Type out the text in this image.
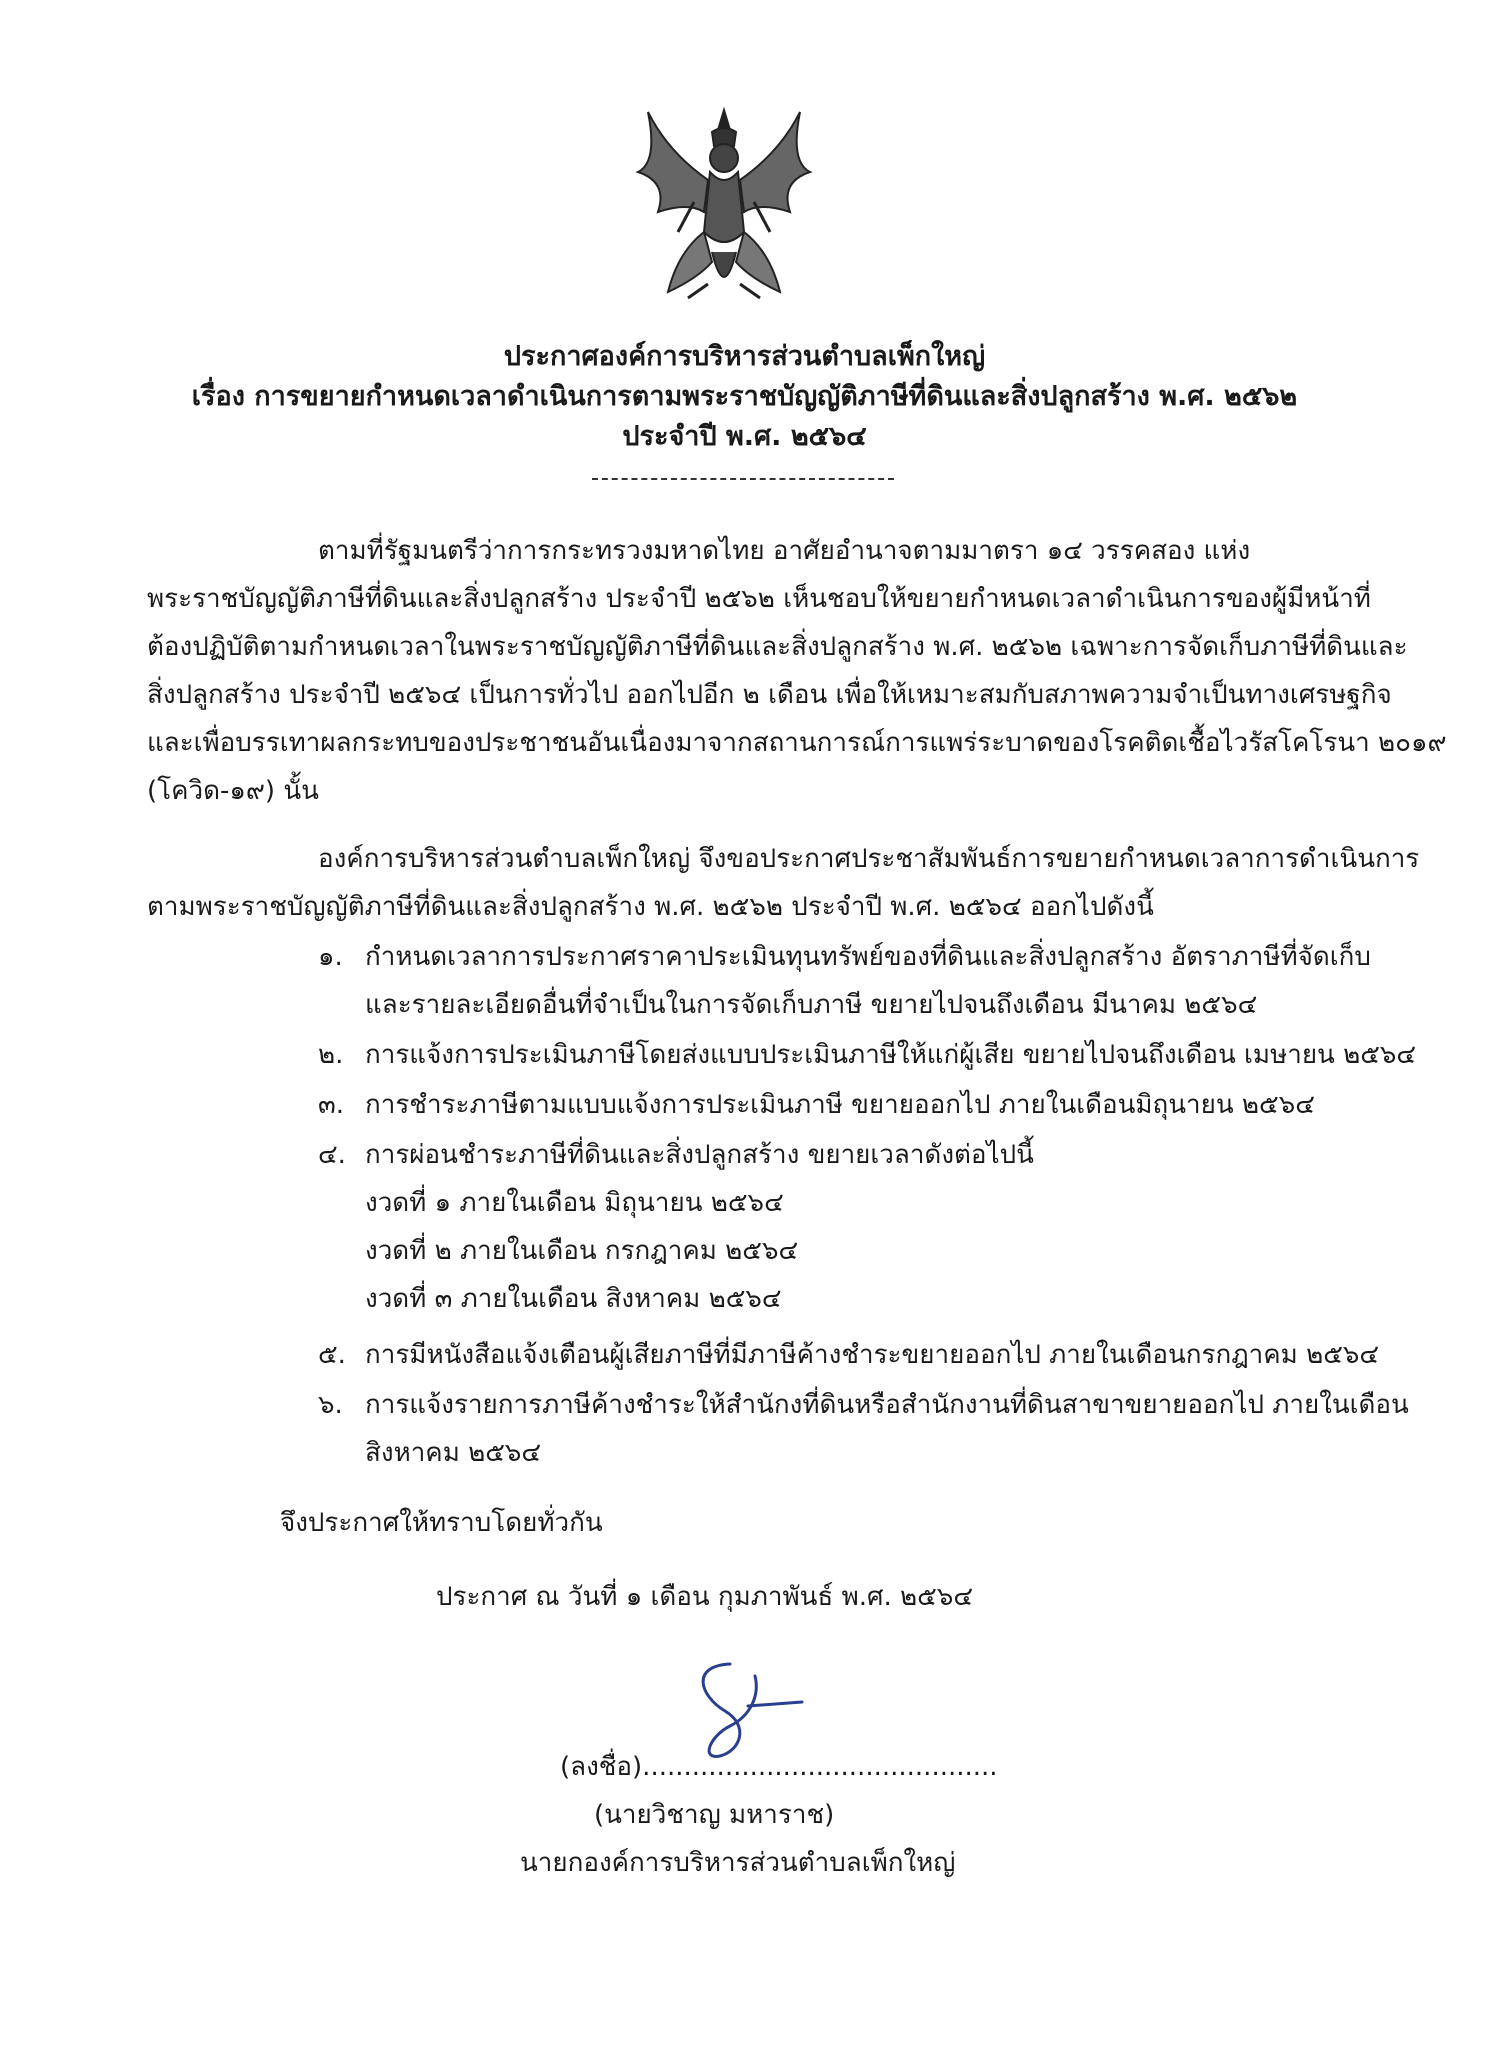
ประกาศองค์การบริหารส่วนตำบลเพ็กใหญ่
เรื่อง การขยายกำหนดเวลาดำเนินการตามพระราชบัญญัติภาษีที่ดินและสิ่งปลูกสร้าง พ.ศ. ๒๕๖๒
ประจำปี พ.ศ. ๒๕๖๔
ตามที่รัฐมนตรีว่าการกระทรวงมหาดไทย อาศัยอำนาจตามมาตรา ๑๔ วรรคสอง แห่ง
พระราชบัญญัติภาษีที่ดินและสิ่งปลูกสร้าง ประจำปี ๒๕๖๒ เห็นชอบให้ขยายกำหนดเวลาดำเนินการของผู้มีหน้าที่
ต้องปฏิบัติตามกำหนดเวลาในพระราชบัญญัติภาษีที่ดินและสิ่งปลูกสร้าง พ.ศ. ๒๕๖๒ เฉพาะการจัดเก็บภาษีที่ดินและ
สิ่งปลูกสร้าง ประจำปี ๒๕๖๔ เป็นการทั่วไป ออกไปอีก ๒ เดือน เพื่อให้เหมาะสมกับสภาพความจำเป็นทางเศรษฐกิจ
และเพื่อบรรเทาผลกระทบของประชาชนอันเนื่องมาจากสถานการณ์การแพร่ระบาดของโรคติดเชื้อไวรัสโคโรนา ๒๐๑๙
(โควิด-๑๙) นั้น
องค์การบริหารส่วนตำบลเพ็กใหญ่ จึงขอประกาศประชาสัมพันธ์การขยายกำหนดเวลาการดำเนินการ
ตามพระราชบัญญัติภาษีที่ดินและสิ่งปลูกสร้าง พ.ศ. ๒๕๖๒ ประจำปี พ.ศ. ๒๕๖๔ ออกไปดังนี้
๑. กำหนดเวลาการประกาศราคาประเมินทุนทรัพย์ของที่ดินและสิ่งปลูกสร้าง อัตราภาษีที่จัดเก็บ
และรายละเอียดอื่นที่จำเป็นในการจัดเก็บภาษี ขยายไปจนถึงเดือน มีนาคม ๒๕๖๔
๒. การแจ้งการประเมินภาษีโดยส่งแบบประเมินภาษีให้แก่ผู้เสีย ขยายไปจนถึงเดือน เมษายน ๒๕๖๔
๓. การชำระภาษีตามแบบแจ้งการประเมินภาษี ขยายออกไป ภายในเดือนมิถุนายน ๒๕๖๔
๔. การผ่อนชำระภาษีที่ดินและสิ่งปลูกสร้าง ขยายเวลาดังต่อไปนี้
งวดที่ ๑ ภายในเดือน มิถุนายน ๒๕๖๔
งวดที่ ๒ ภายในเดือน กรกฎาคม ๒๕๖๔
งวดที่ ๓ ภายในเดือน สิงหาคม ๒๕๖๔
๕. การมีหนังสือแจ้งเตือนผู้เสียภาษีที่มีภาษีค้างชำระขยายออกไป ภายในเดือนกรกฎาคม ๒๕๖๔
๖. การแจ้งรายการภาษีค้างชำระให้สำนักงที่ดินหรือสำนักงานที่ดินสาขาขยายออกไป ภายในเดือน
สิงหาคม ๒๕๖๔
จึงประกาศให้ทราบโดยทั่วกัน
ประกาศ ณ วันที่ ๑ เดือน กุมภาพันธ์ พ.ศ. ๒๕๖๔
(ลงชื่อ)...........................................
(นายวิชาญ มหาราช)
นายกองค์การบริหารส่วนตำบลเพ็กใหญ่
